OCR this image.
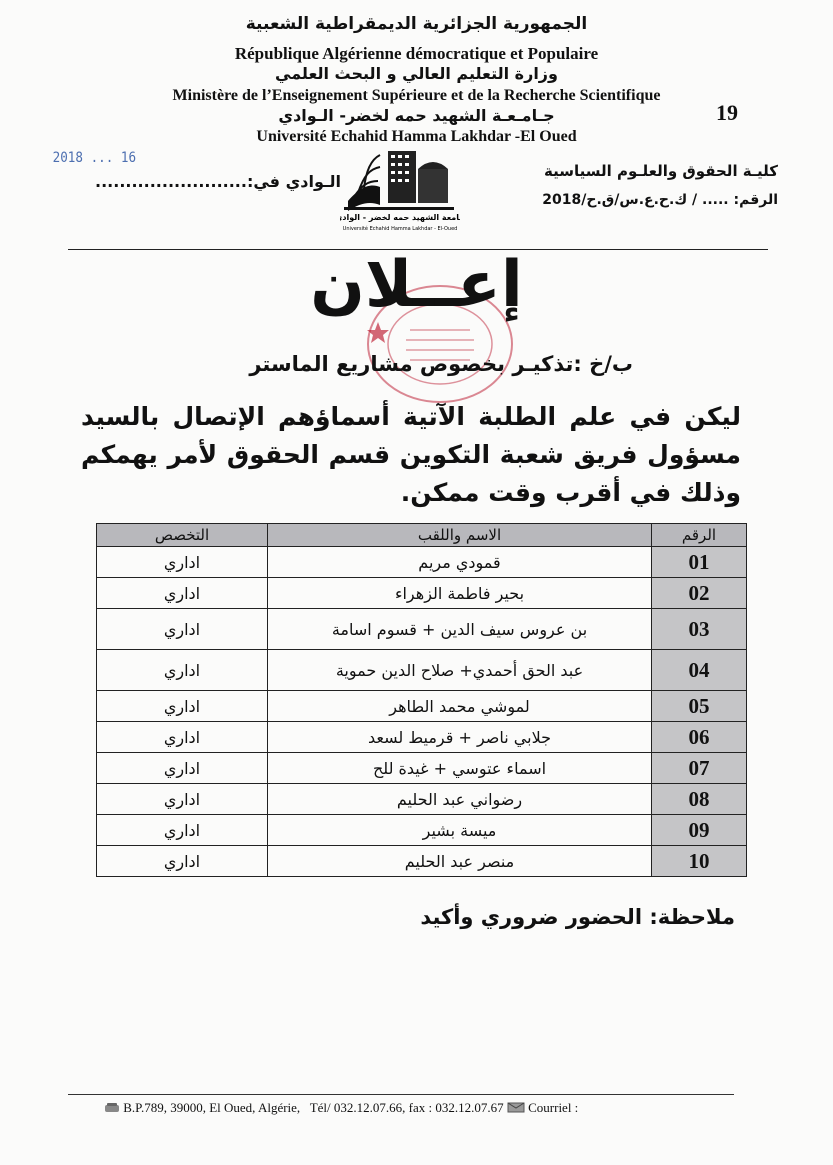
الجمهورية الجزائرية الديمقراطية الشعبية
République Algérienne démocratique et Populaire
وزارة التعليم العالي و البحث العلمي
Ministère de l’Enseignement Supérieure et de la Recherche Scientifique
جـامـعـة الشهيد حمه لخضر- الـوادي
Université Echahid Hamma Lakhdar -El Oued
19
2018 ... 16
الـوادي في:.........................
كليـة الحقوق والعلـوم السياسية
الرقم: ..... / ك.ح.ع.س/ق.ح/2018
جامعة الشهيد حمه لخضر - الوادي
Université Echahid Hamma Lakhdar - El-Oued
إعــلان
ب/خ :تذكيـر بخصوص مشاريع الماستر
ليكن في علم الطلبة الآتية أسماؤهم الإتصال بالسيد مسؤول فريق شعبة التكوين قسم الحقوق لأمر يهمكم وذلك في أقرب وقت ممكن.
الرقم	الاسم واللقب	التخصص
01	قمودي مريم	اداري
02	بحير فاطمة الزهراء	اداري
03	بن عروس سيف الدين + قسوم اسامة	اداري
04	عبد الحق أحمدي+ صلاح الدين حموية	اداري
05	لموشي محمد الطاهر	اداري
06	جلابي ناصر + قرميط لسعد	اداري
07	اسماء عتوسي + غيدة للح	اداري
08	رضواني عبد الحليم	اداري
09	ميسة بشير	اداري
10	منصر عبد الحليم	اداري
ملاحظة: الحضور ضروري وأكيد
B.P.789, 39000, El Oued, Algérie, Tél/ 032.12.07.66, fax : 032.12.07.67 Courriel :
